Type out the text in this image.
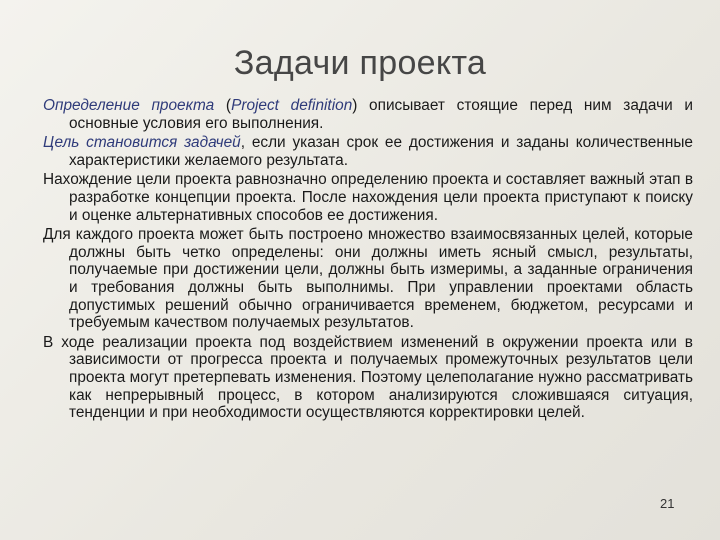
Задачи проекта

Определение проекта (Project definition) описывает стоящие перед ним задачи и основные условия его выполнения.

Цель становится задачей, если указан срок ее достижения и заданы количественные характеристики желаемого результата.

Нахождение цели проекта равнозначно определению проекта и составляет важный этап в разработке концепции проекта. После нахождения цели проекта приступают к поиску и оценке альтернативных способов ее достижения.

Для каждого проекта может быть построено множество взаимосвязанных целей, которые должны быть четко определены: они должны иметь ясный смысл, результаты, получаемые при достижении цели, должны быть измеримы, а заданные ограничения и требования должны быть выполнимы. При управлении проектами область допустимых решений обычно ограничивается временем, бюджетом, ресурсами и требуемым качеством получаемых результатов.

В ходе реализации проекта под воздействием изменений в окружении проекта или в зависимости от прогресса проекта и получаемых промежуточных результатов цели проекта могут претерпевать изменения. Поэтому целеполагание нужно рассматривать как непрерывный процесс, в котором анализируются сложившаяся ситуация, тенденции и при необходимости осуществляются корректировки целей.

21
